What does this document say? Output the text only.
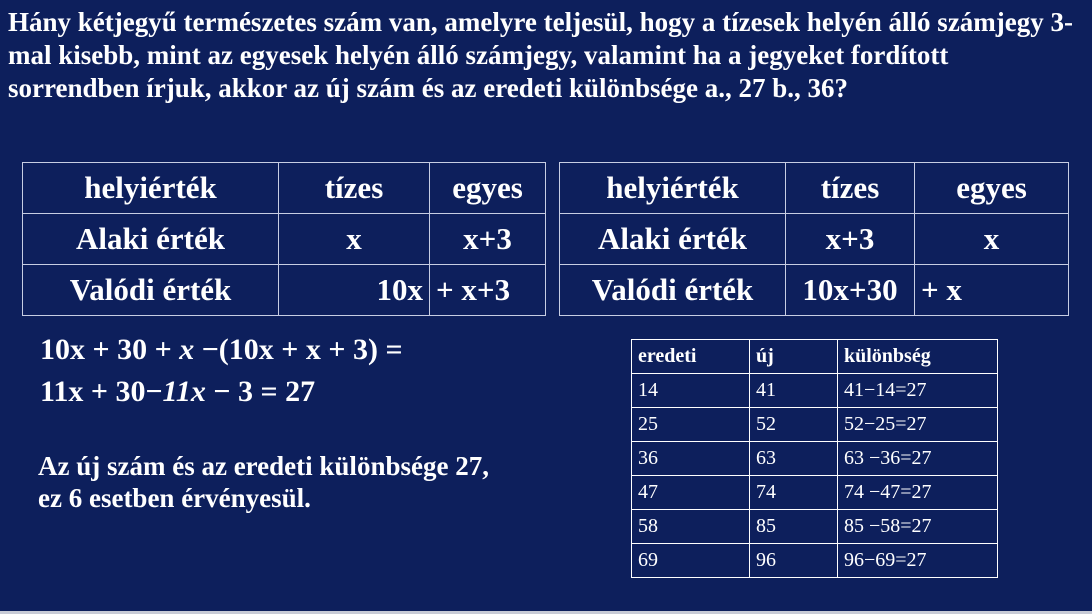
Hány kétjegyű természetes szám van, amelyre teljesül, hogy a tízesek helyén álló számjegy 3-mal kisebb, mint az egyesek helyén álló számjegy, valamint ha a jegyeket fordított sorrendben írjuk, akkor az új szám és az eredeti különbsége a., 27 b., 36?

helyiérték	tízes	egyes
Alaki érték	x	x+3
Valódi érték	10x	+ x+3
helyiérték	tízes	egyes
Alaki érték	x+3	x
Valódi érték	10x+30	+ x
10x + 30 + x −(10x + x + 3) =
11x + 30−11x − 3 = 27

Az új szám és az eredeti különbsége 27,

ez 6 esetben érvényesül.

eredeti	új	különbség
14	41	41−14=27
25	52	52−25=27
36	63	63 −36=27
47	74	74 −47=27
58	85	85 −58=27
69	96	96−69=27
